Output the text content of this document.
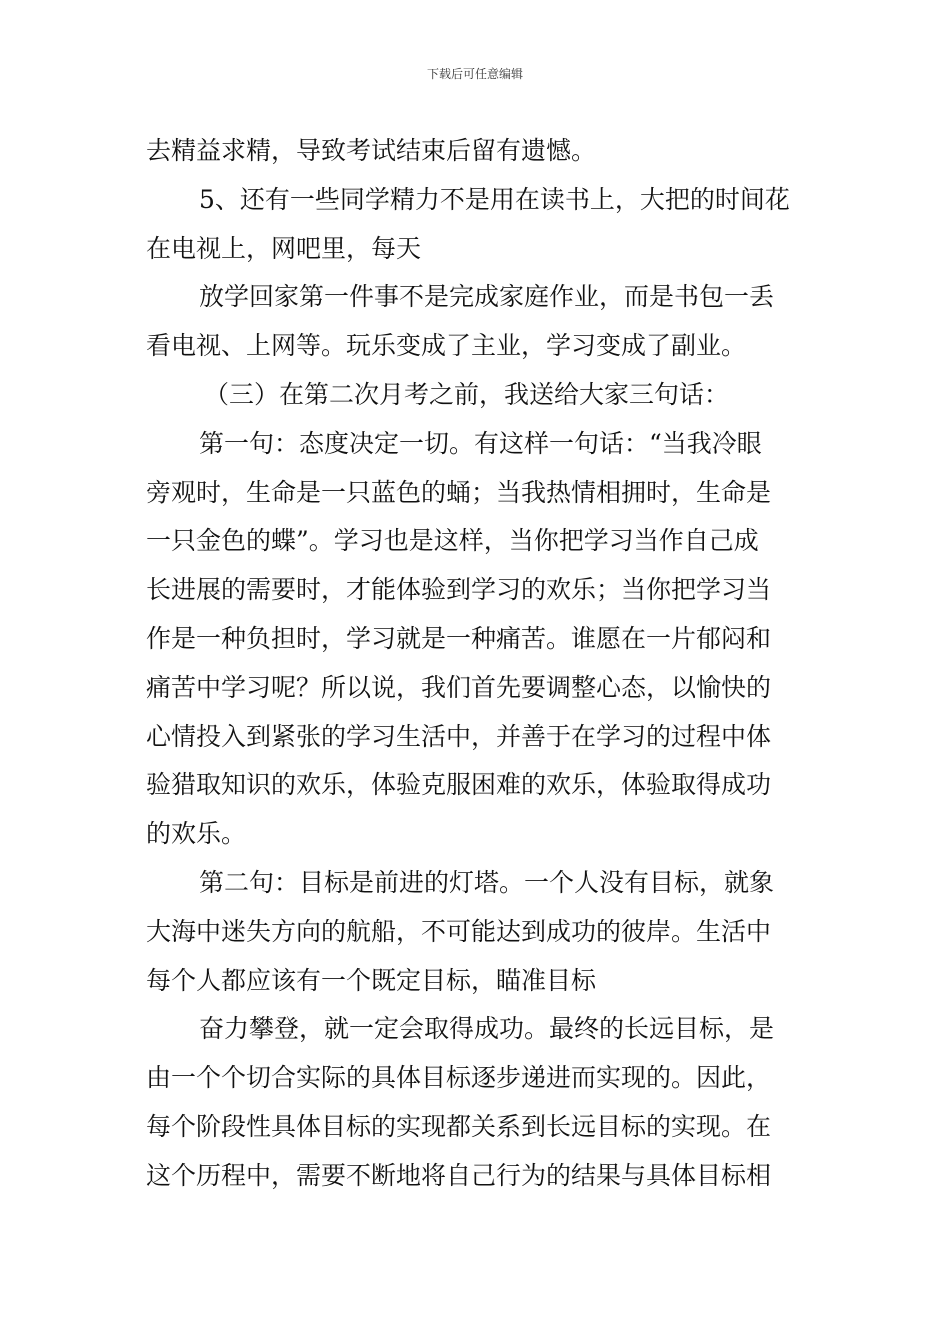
下载后可任意编辑
去精益求精，导致考试结束后留有遗憾。
5、还有一些同学精力不是用在读书上，大把的时间花
在电视上，网吧里，每天
放学回家第一件事不是完成家庭作业，而是书包一丢
看电视、上网等。玩乐变成了主业，学习变成了副业。
（三）在第二次月考之前，我送给大家三句话：
第一句：态度决定一切。有这样一句话：“当我冷眼
旁观时，生命是一只蓝色的蛹；当我热情相拥时，生命是
一只金色的蝶”。学习也是这样，当你把学习当作自己成
长进展的需要时，才能体验到学习的欢乐；当你把学习当
作是一种负担时，学习就是一种痛苦。谁愿在一片郁闷和
痛苦中学习呢？所以说，我们首先要调整心态，以愉快的
心情投入到紧张的学习生活中，并善于在学习的过程中体
验猎取知识的欢乐，体验克服困难的欢乐，体验取得成功
的欢乐。
第二句：目标是前进的灯塔。一个人没有目标，就象
大海中迷失方向的航船，不可能达到成功的彼岸。生活中
每个人都应该有一个既定目标，瞄准目标
奋力攀登，就一定会取得成功。最终的长远目标，是
由一个个切合实际的具体目标逐步递进而实现的。因此，
每个阶段性具体目标的实现都关系到长远目标的实现。在
这个历程中，需要不断地将自己行为的结果与具体目标相
